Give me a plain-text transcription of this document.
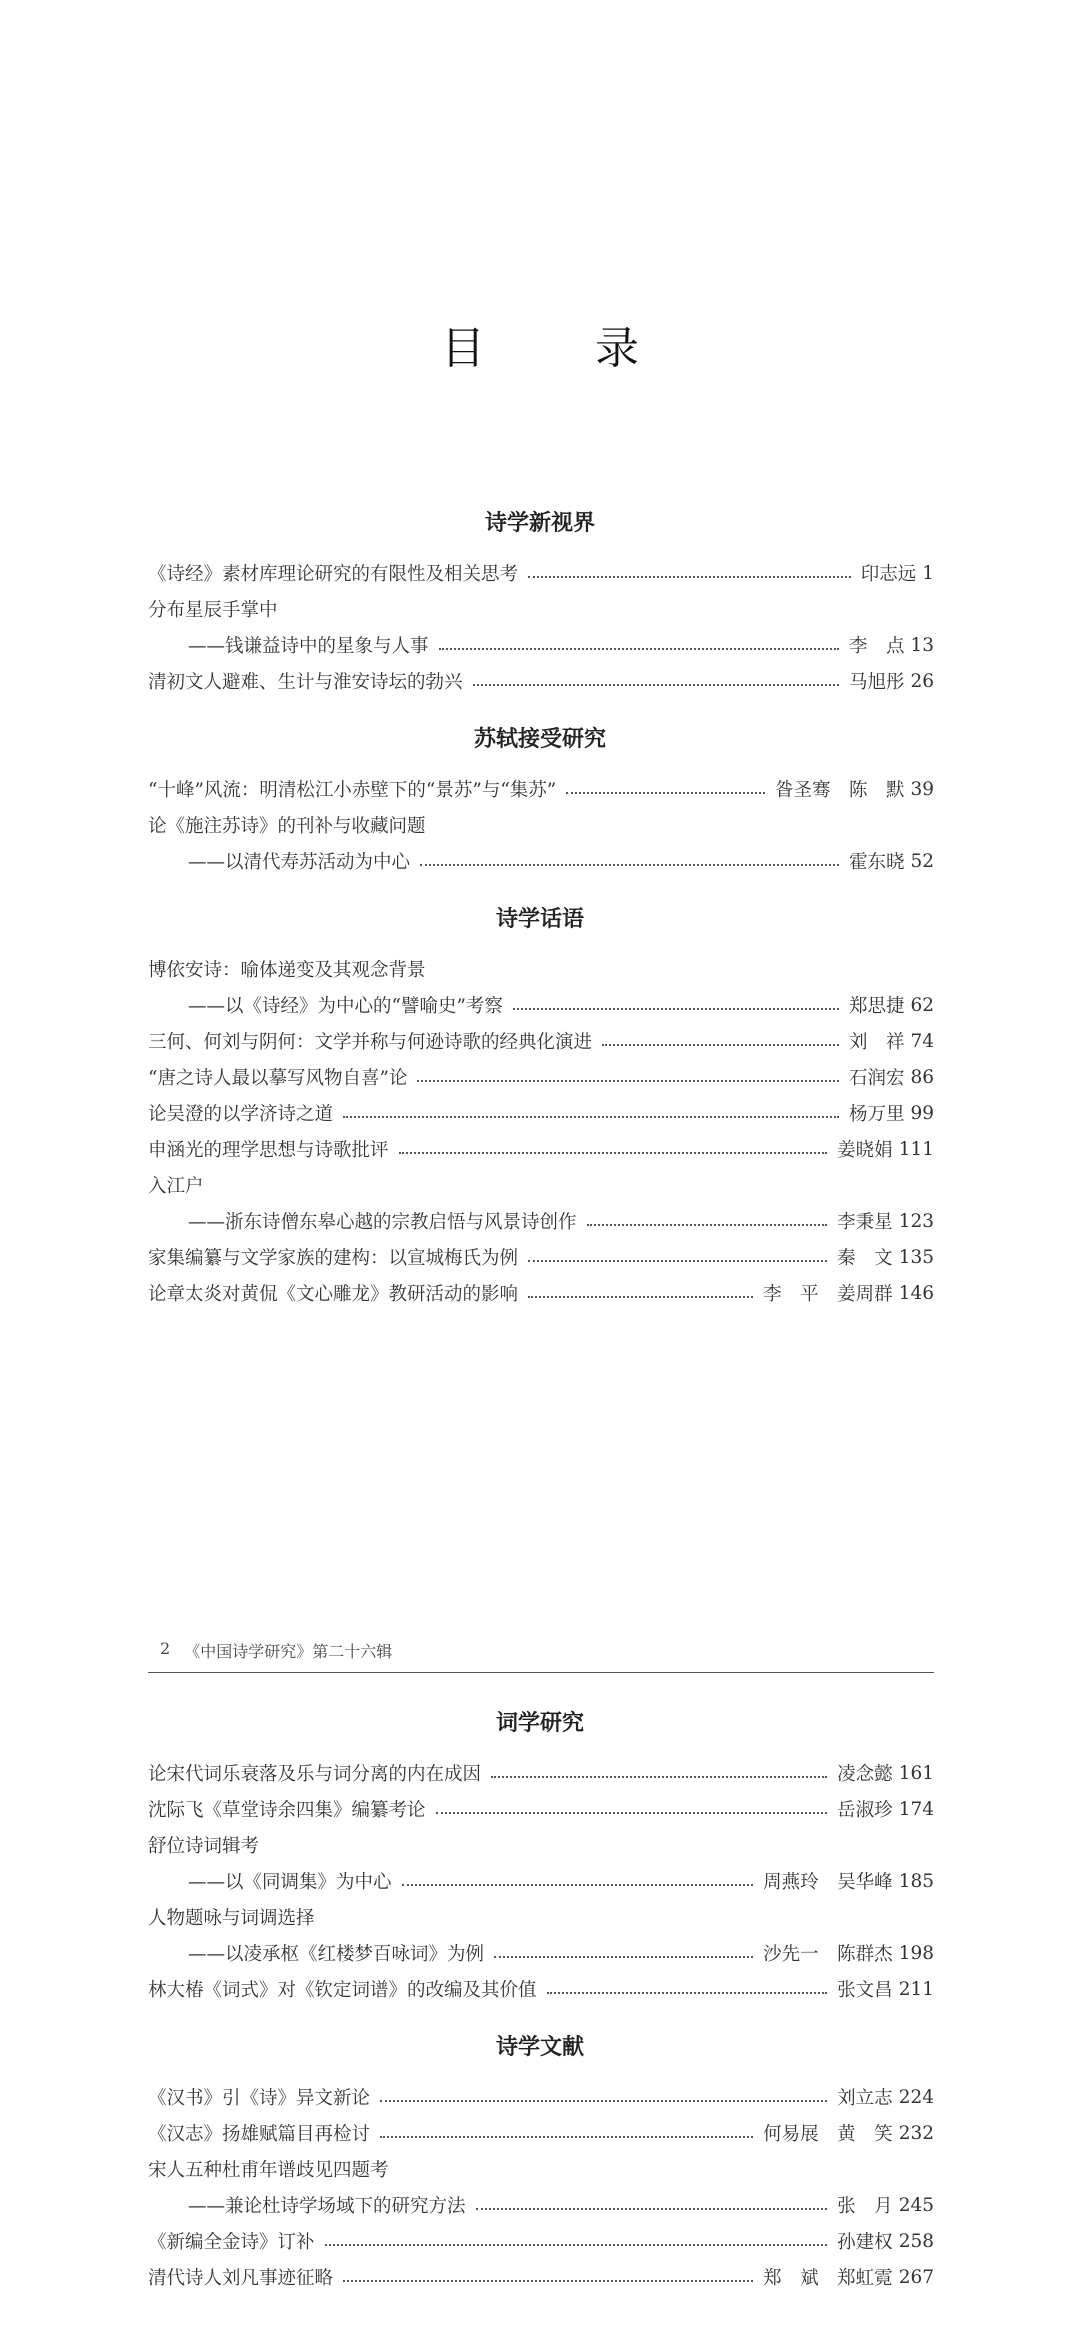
目	录
诗学新视界
《诗经》素材库理论研究的有限性及相关思考	印志远 1
分布星辰手掌中
——钱谦益诗中的星象与人事	李　点 13
清初文人避难、生计与淮安诗坛的勃兴	马旭彤 26
苏轼接受研究
“十峰”风流：明清松江小赤壁下的“景苏”与“集苏”	昝圣骞　陈　默 39
论《施注苏诗》的刊补与收藏问题
——以清代寿苏活动为中心	霍东晓 52
诗学话语
博依安诗：喻体递变及其观念背景
——以《诗经》为中心的“譬喻史”考察	郑思捷 62
三何、何刘与阴何：文学并称与何逊诗歌的经典化演进	刘　祥 74
“唐之诗人最以摹写风物自喜”论	石润宏 86
论吴澄的以学济诗之道	杨万里 99
申涵光的理学思想与诗歌批评	姜晓娟 111
入江户
——浙东诗僧东皋心越的宗教启悟与风景诗创作	李秉星 123
家集编纂与文学家族的建构：以宣城梅氏为例	秦　文 135
论章太炎对黄侃《文心雕龙》教研活动的影响	李　平　姜周群 146
2 《中国诗学研究》第二十六辑
词学研究
论宋代词乐衰落及乐与词分离的内在成因	凌念懿 161
沈际飞《草堂诗余四集》编纂考论	岳淑珍 174
舒位诗词辑考
——以《同调集》为中心	周燕玲　吴华峰 185
人物题咏与词调选择
——以凌承枢《红楼梦百咏词》为例	沙先一　陈群杰 198
林大椿《词式》对《钦定词谱》的改编及其价值	张文昌 211
诗学文献
《汉书》引《诗》异文新论	刘立志 224
《汉志》扬雄赋篇目再检讨	何易展　黄　笑 232
宋人五种杜甫年谱歧见四题考
——兼论杜诗学场域下的研究方法	张　月 245
《新编全金诗》订补	孙建权 258
清代诗人刘凡事迹征略	郑　斌　郑虹霓 267
